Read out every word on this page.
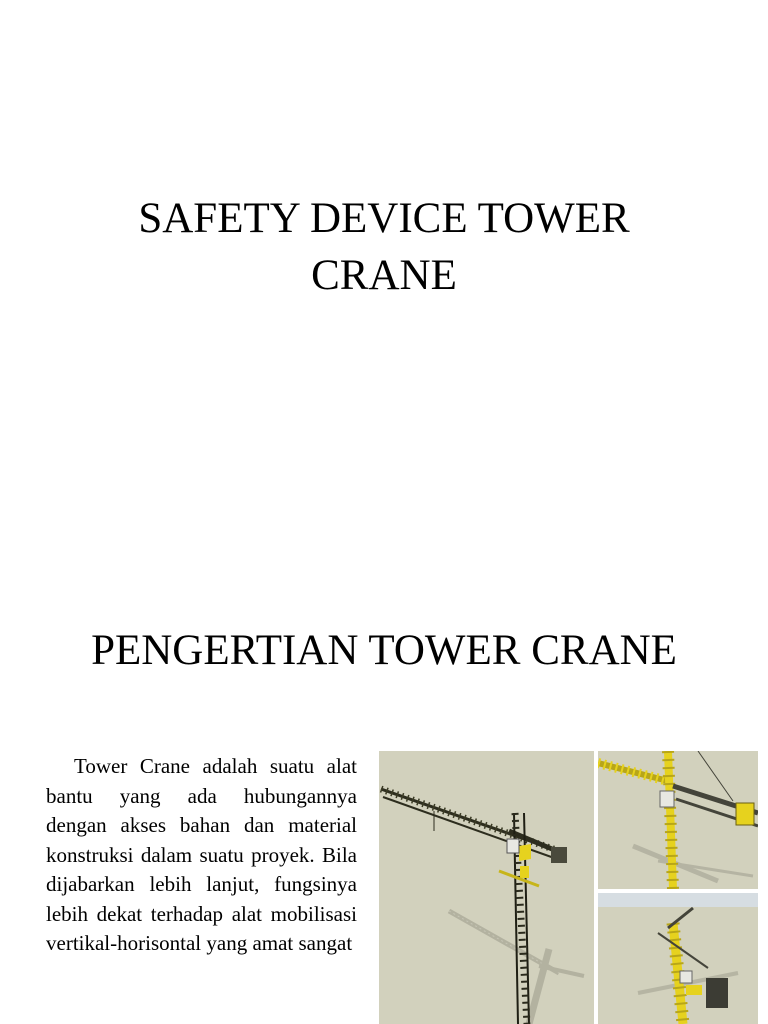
SAFETY DEVICE TOWER
CRANE
PENGERTIAN TOWER CRANE
Tower Crane adalah suatu alat bantu yang ada hubungannya dengan akses bahan dan material konstruksi dalam suatu proyek. Bila dijabarkan lebih lanjut, fungsinya lebih dekat terhadap alat mobilisasi vertikal-horisontal yang amat sangat
